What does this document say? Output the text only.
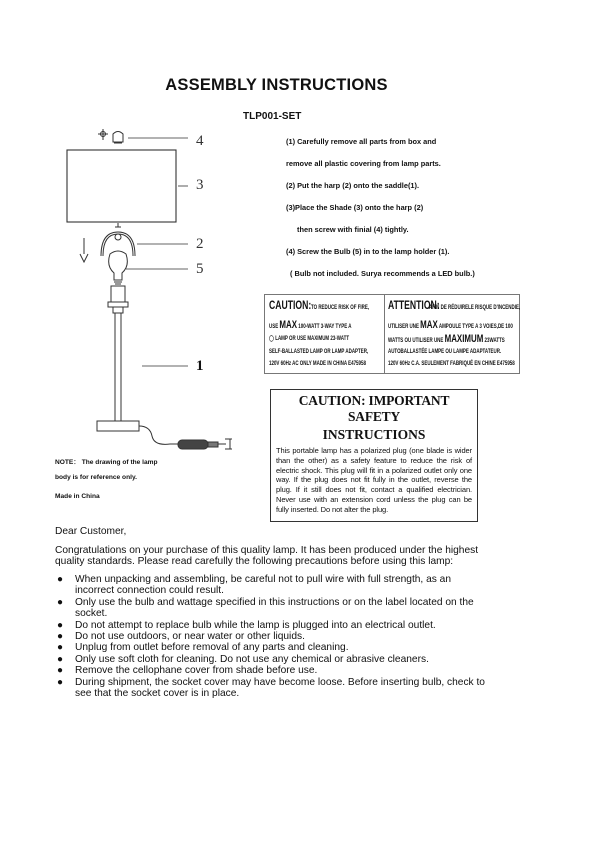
ASSEMBLY INSTRUCTIONS
TLP001-SET
4
3
2
5
1
(1) Carefully remove all parts from box and
remove all plastic covering from lamp parts.
(2) Put the harp (2) onto the saddle(1).
(3)Place the Shade (3) onto the harp (2)
then screw with finial (4) tightly.
(4) Screw the Bulb (5) in to the lamp holder (1).
( Bulb not included. Surya recommends a LED bulb.)
CAUTION: TO REDUCE RISK OF FIRE,
USE MAX 100-WATT 3-WAY TYPE A
◯ LAMP OR USE MAXIMUM 23-WATT
SELF-BALLASTED LAMP OR LAMP ADAPTER,
120V 60Hz AC ONLY MADE IN CHINA E475958
ATTENTION:
AFIN DE RÉDUIRELE RISQUE D'INCENDIE,
UTILISER UNE MAX AMPOULE TYPE A 3 VOIES,DE 100
WATTS OU UTILISER UNE MAXIMUM 23WATTS
AUTOBALLASTÉE LAMPE OU LAMPE ADAPTATEUR.
120V 60Hz C.A. SEULEMENT FABRIQUÉ EN CHINE E475958
CAUTION: IMPORTANT SAFETY
INSTRUCTIONS
This portable lamp has a polarized plug (one blade is wider than the other) as a safety feature to reduce the risk of electric shock. This plug will fit in a polarized outlet only one way. If the plug does not fit fully in the outlet, reverse the plug. If it still does not fit, contact a qualified electrician. Never use with an extension cord unless the plug can be fully inserted. Do not alter the plug.
NOTE： The drawing of the lamp
body is for reference only.
Made in China
Dear Customer,
Congratulations on your purchase of this quality lamp. It has been produced under the highest quality standards. Please read carefully the following precautions before using this lamp:
● When unpacking and assembling, be careful not to pull wire with full strength, as an incorrect connection could result.
● Only use the bulb and wattage specified in this instructions or on the label located on the socket.
● Do not attempt to replace bulb while the lamp is plugged into an electrical outlet.
● Do not use outdoors, or near water or other liquids.
● Unplug from outlet before removal of any parts and cleaning.
● Only use soft cloth for cleaning. Do not use any chemical or abrasive cleaners.
● Remove the cellophane cover from shade before use.
● During shipment, the socket cover may have become loose. Before inserting bulb, check to see that the socket cover is in place.
